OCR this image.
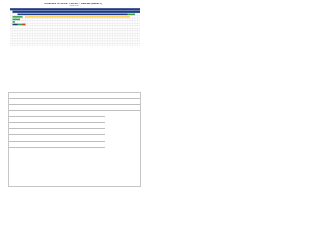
SCHEDULE OF WORK - PROJECT TIMELINE (WEEKLY)
Tahun 2019
